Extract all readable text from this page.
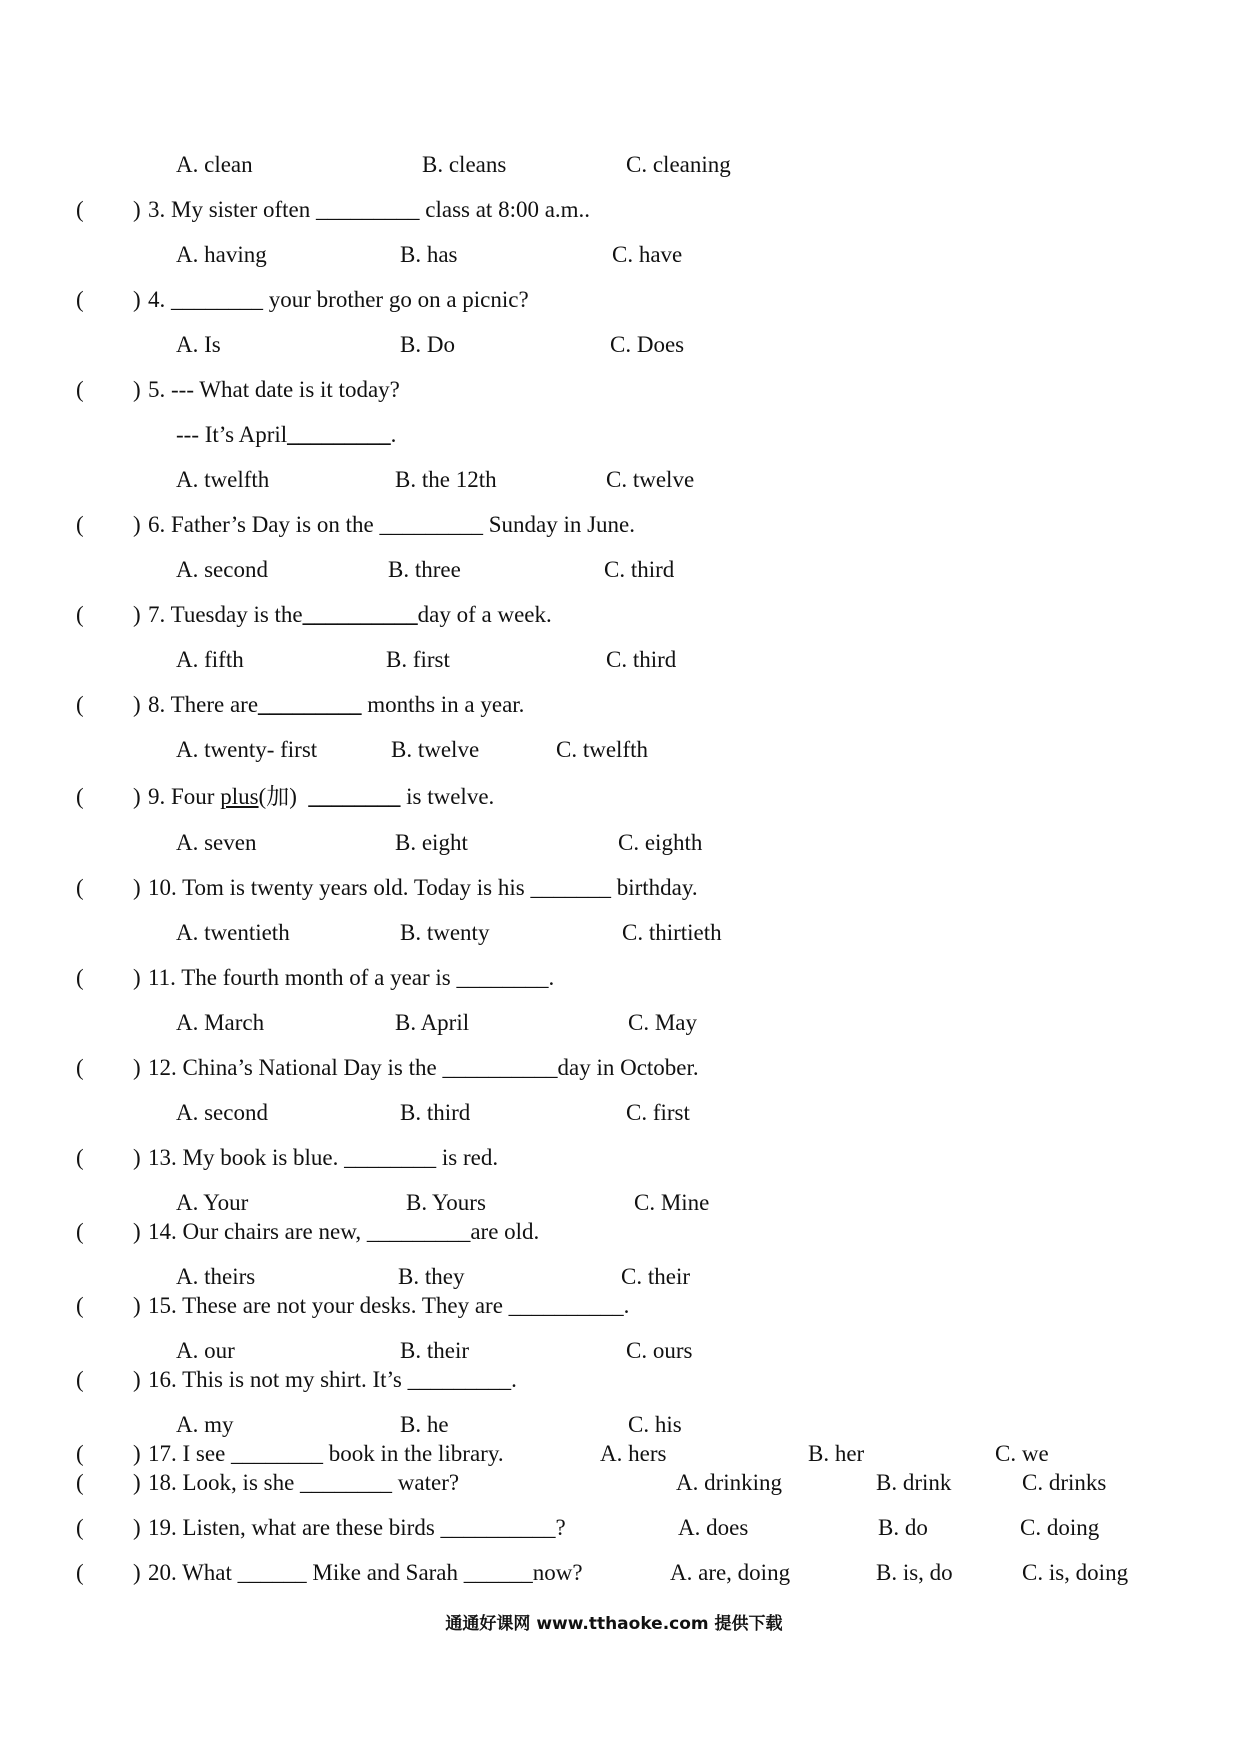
A. clean	B. cleans	C. cleaning
( ) 3. My sister often _________ class at 8:00 a.m..
A. having	B. has	C. have
( ) 4. ________ your brother go on a picnic?
A. Is	B. Do	C. Does
( ) 5. --- What date is it today?
--- It’s April_________.
A. twelfth	B. the 12th	C. twelve
( ) 6. Father’s Day is on the _________ Sunday in June.
A. second	B. three	C. third
( ) 7. Tuesday is the__________day of a week.
A. fifth	B. first	C. third
( ) 8. There are_________ months in a year.
A. twenty- first	B. twelve	C. twelfth
( ) 9. Four plus(加)  ________ is twelve.
A. seven	B. eight	C. eighth
( ) 10. Tom is twenty years old. Today is his _______ birthday.
A. twentieth	B. twenty	C. thirtieth
( ) 11. The fourth month of a year is ________.
A. March	B. April	C. May
( ) 12. China’s National Day is the __________day in October.
A. second	B. third	C. first
( ) 13. My book is blue. ________ is red.
A. Your	B. Yours	C. Mine
( ) 14. Our chairs are new, _________are old.
A. theirs	B. they	C. their
( ) 15. These are not your desks. They are __________.
A. our	B. their	C. ours
( ) 16. This is not my shirt. It’s _________.
A. my	B. he	C. his
( ) 17. I see ________ book in the library.	A. hers	B. her	C. we
( ) 18. Look, is she ________ water?	A. drinking	B. drink	C. drinks
( ) 19. Listen, what are these birds __________?	A. does	B. do	C. doing
( ) 20. What ______ Mike and Sarah ______now?	A. are, doing	B. is, do	C. is, doing
通通好课网 www.tthaoke.com 提供下载
